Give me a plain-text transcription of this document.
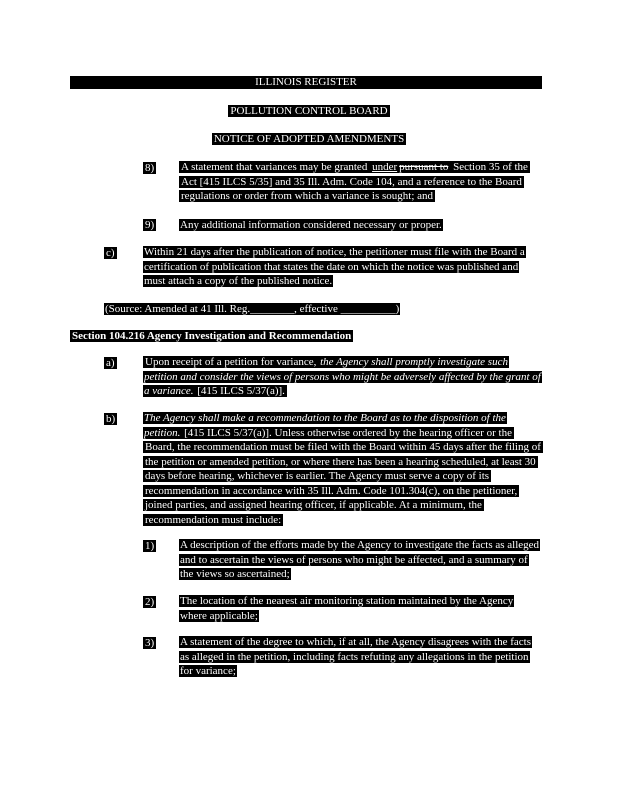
ILLINOIS REGISTER
POLLUTION CONTROL BOARD
NOTICE OF ADOPTED AMENDMENTS
8) A statement that variances may be granted under pursuant to Section 35 of the Act [415 ILCS 5/35] and 35 Ill. Adm. Code 104, and a reference to the Board regulations or order from which a variance is sought; and
9) Any additional information considered necessary or proper.
c)	Within 21 days after the publication of notice, the petitioner must file with the Board a certification of publication that states the date on which the notice was published and must attach a copy of the published notice.
(Source: Amended at 41 Ill. Reg.________, effective __________)
Section 104.216 Agency Investigation and Recommendation
a)	Upon receipt of a petition for variance, the Agency shall promptly investigate such petition and consider the views of persons who might be adversely affected by the grant of a variance. [415 ILCS 5/37(a)].
b)	The Agency shall make a recommendation to the Board as to the disposition of the petition. [415 ILCS 5/37(a)]. Unless otherwise ordered by the hearing officer or the Board, the recommendation must be filed with the Board within 45 days after the filing of the petition or amended petition, or where there has been a hearing scheduled, at least 30 days before hearing, whichever is earlier. The Agency must serve a copy of its recommendation in accordance with 35 Ill. Adm. Code 101.304(c), on the petitioner, joined parties, and assigned hearing officer, if applicable. At a minimum, the recommendation must include:
1) A description of the efforts made by the Agency to investigate the facts as alleged and to ascertain the views of persons who might be affected, and a summary of the views so ascertained;
2) The location of the nearest air monitoring station maintained by the Agency where applicable;
3) A statement of the degree to which, if at all, the Agency disagrees with the facts as alleged in the petition, including facts refuting any allegations in the petition for variance;
